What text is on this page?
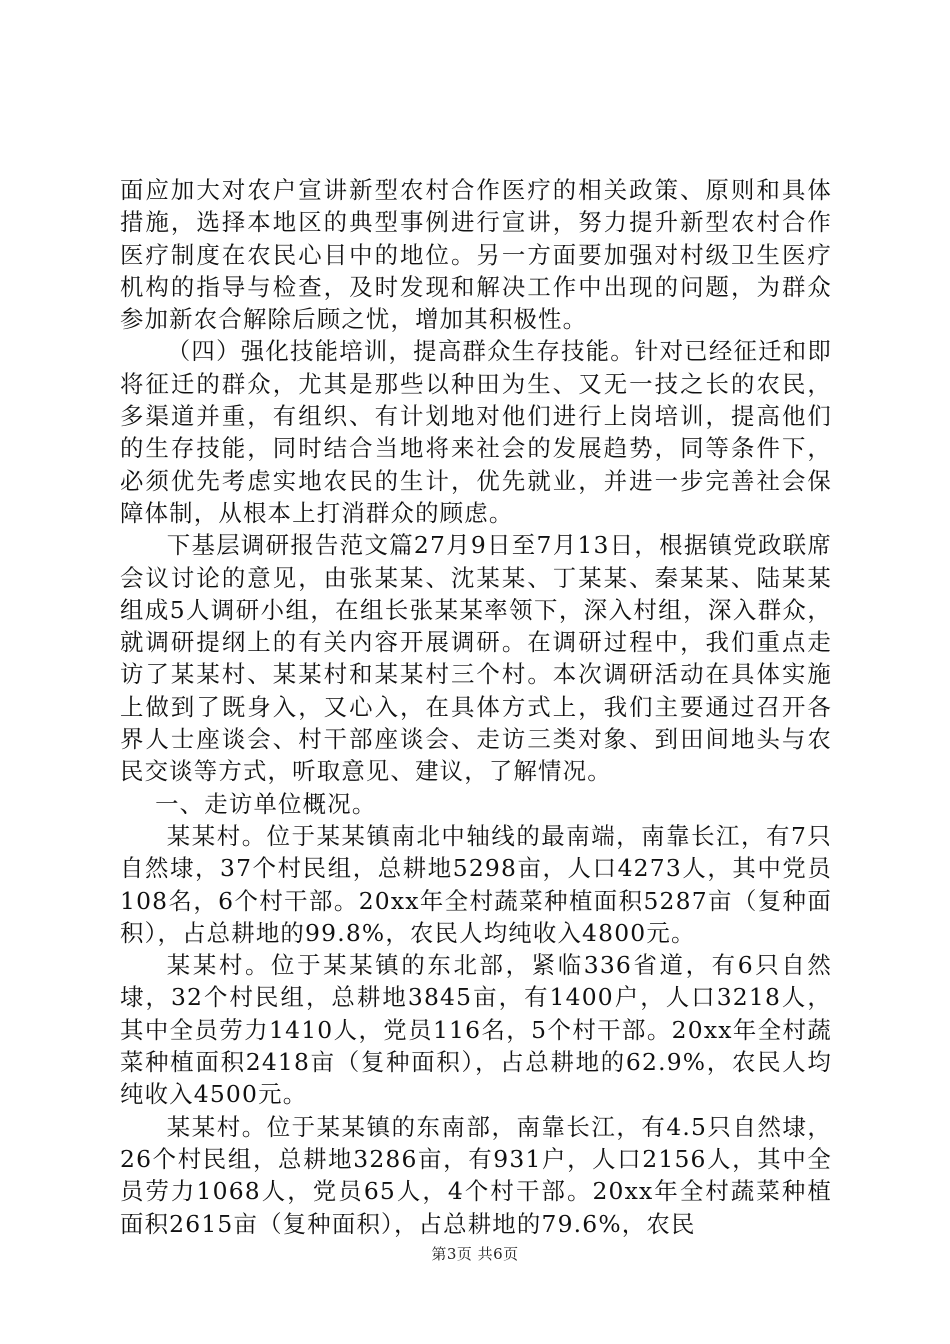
面应加大对农户宣讲新型农村合作医疗的相关政策、原则和具体措施，选择本地区的典型事例进行宣讲，努力提升新型农村合作医疗制度在农民心目中的地位。另一方面要加强对村级卫生医疗机构的指导与检查，及时发现和解决工作中出现的问题，为群众参加新农合解除后顾之忧，增加其积极性。

（四）强化技能培训，提高群众生存技能。针对已经征迁和即将征迁的群众，尤其是那些以种田为生、又无一技之长的农民，多渠道并重，有组织、有计划地对他们进行上岗培训，提高他们的生存技能，同时结合当地将来社会的发展趋势，同等条件下，必须优先考虑实地农民的生计，优先就业，并进一步完善社会保障体制，从根本上打消群众的顾虑。

下基层调研报告范文篇27月9日至7月13日，根据镇党政联席会议讨论的意见，由张某某、沈某某、丁某某、秦某某、陆某某组成5人调研小组，在组长张某某率领下，深入村组，深入群众，就调研提纲上的有关内容开展调研。在调研过程中，我们重点走访了某某村、某某村和某某村三个村。本次调研活动在具体实施上做到了既身入，又心入，在具体方式上，我们主要通过召开各界人士座谈会、村干部座谈会、走访三类对象、到田间地头与农民交谈等方式，听取意见、建议，了解情况。

一、走访单位概况。

某某村。位于某某镇南北中轴线的最南端，南靠长江，有7只自然埭，37个村民组，总耕地5298亩，人口4273人，其中党员108名，6个村干部。20xx年全村蔬菜种植面积5287亩（复种面积），占总耕地的99.8%，农民人均纯收入4800元。

某某村。位于某某镇的东北部，紧临336省道，有6只自然埭，32个村民组，总耕地3845亩，有1400户，人口3218人，其中全员劳力1410人，党员116名，5个村干部。20xx年全村蔬菜种植面积2418亩（复种面积），占总耕地的62.9%，农民人均纯收入4500元。

某某村。位于某某镇的东南部，南靠长江，有4.5只自然埭，26个村民组，总耕地3286亩，有931户，人口2156人，其中全员劳力1068人，党员65人，4个村干部。20xx年全村蔬菜种植面积2615亩（复种面积），占总耕地的79.6%，农民

第3页 共6页
